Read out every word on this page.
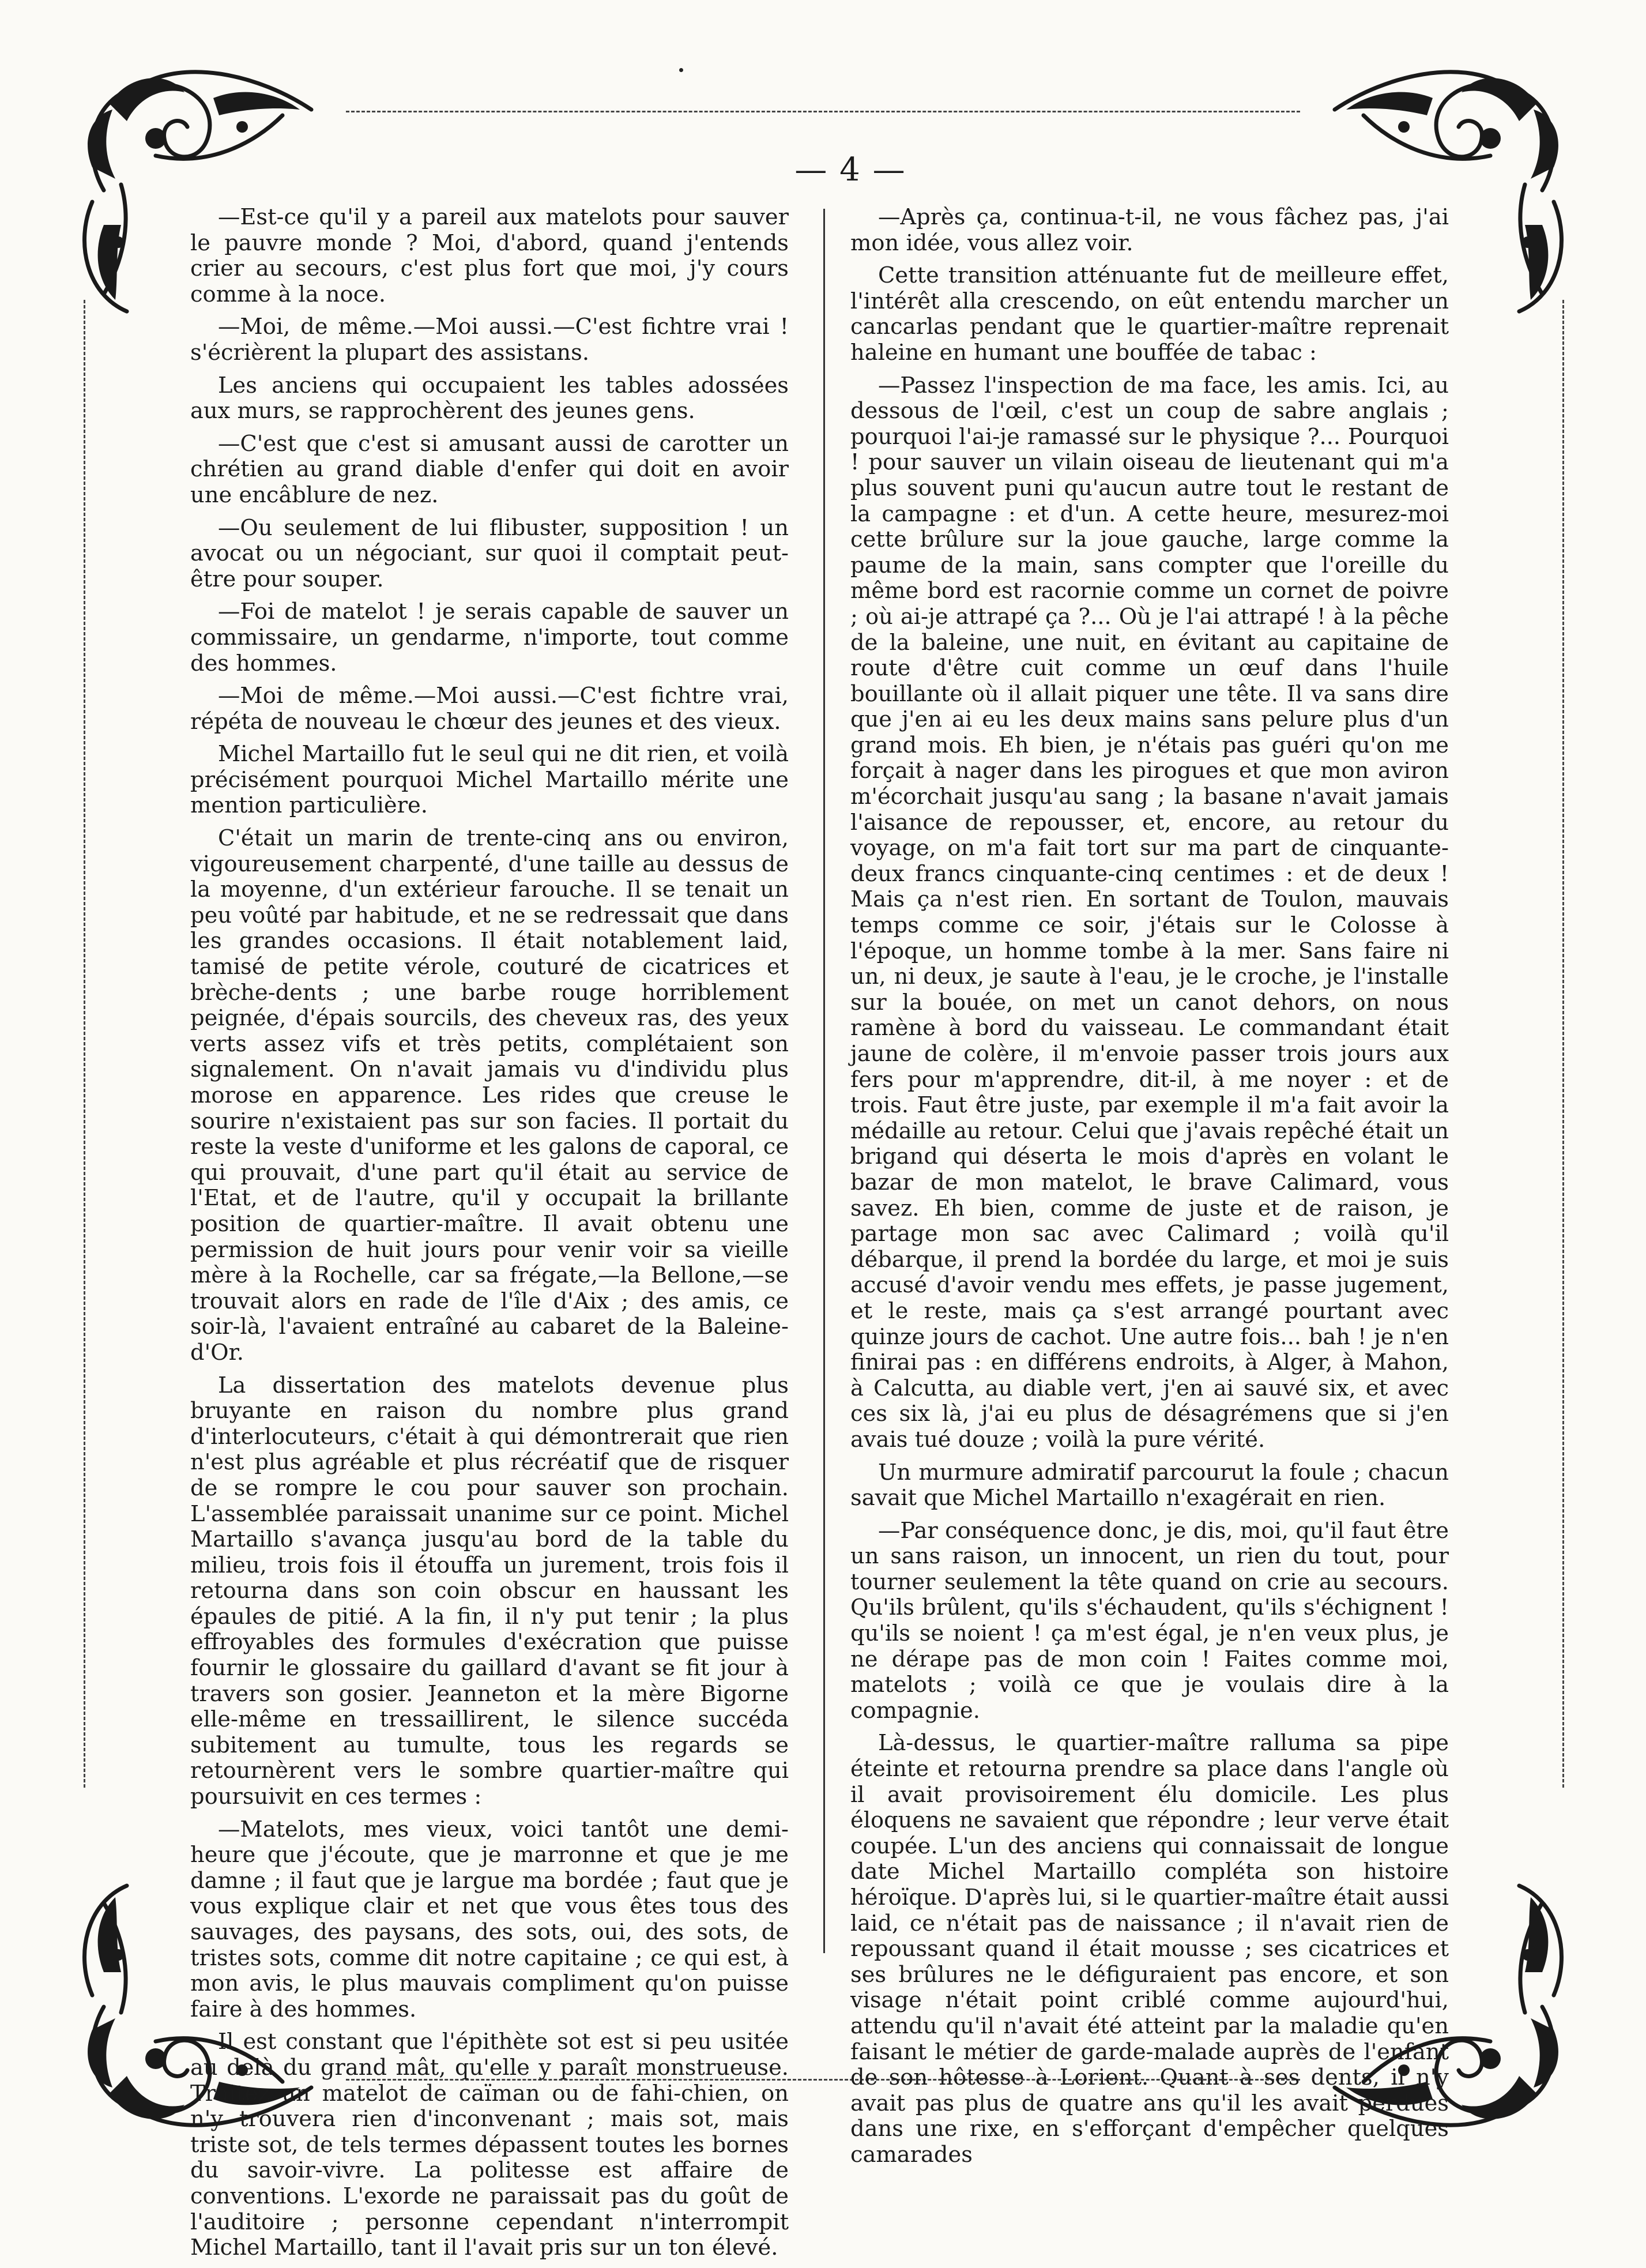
— 4 —

—Est-ce qu'il y a pareil aux matelots pour sauver le pauvre monde ? Moi, d'abord, quand j'entends crier au secours, c'est plus fort que moi, j'y cours comme à la noce.

—Moi, de même.—Moi aussi.—C'est fichtre vrai ! s'écrièrent la plupart des assistans.

Les anciens qui occupaient les tables adossées aux murs, se rapprochèrent des jeunes gens.

—C'est que c'est si amusant aussi de carotter un chrétien au grand diable d'enfer qui doit en avoir une encâblure de nez.

—Ou seulement de lui flibuster, supposition ! un avocat ou un négociant, sur quoi il comptait peut-être pour souper.

—Foi de matelot ! je serais capable de sauver un commissaire, un gendarme, n'importe, tout comme des hommes.

—Moi de même.—Moi aussi.—C'est fichtre vrai, répéta de nouveau le chœur des jeunes et des vieux.

Michel Martaillo fut le seul qui ne dit rien, et voilà précisément pourquoi Michel Martaillo mérite une mention particulière.

C'était un marin de trente-cinq ans ou environ, vigoureusement charpenté, d'une taille au dessus de la moyenne, d'un extérieur farouche. Il se tenait un peu voûté par habitude, et ne se redressait que dans les grandes occasions. Il était notablement laid, tamisé de petite vérole, couturé de cicatrices et brèche-dents ; une barbe rouge horriblement peignée, d'épais sourcils, des cheveux ras, des yeux verts assez vifs et très petits, complétaient son signalement. On n'avait jamais vu d'individu plus morose en apparence. Les rides que creuse le sourire n'existaient pas sur son facies. Il portait du reste la veste d'uniforme et les galons de caporal, ce qui prouvait, d'une part qu'il était au service de l'Etat, et de l'autre, qu'il y occupait la brillante position de quartier-maître. Il avait obtenu une permission de huit jours pour venir voir sa vieille mère à la Rochelle, car sa frégate,—la Bellone,—se trouvait alors en rade de l'île d'Aix ; des amis, ce soir-là, l'avaient entraîné au cabaret de la Baleine-d'Or.

La dissertation des matelots devenue plus bruyante en raison du nombre plus grand d'interlocuteurs, c'était à qui démontrerait que rien n'est plus agréable et plus récréatif que de risquer de se rompre le cou pour sauver son prochain. L'assemblée paraissait unanime sur ce point. Michel Martaillo s'avança jusqu'au bord de la table du milieu, trois fois il étouffa un jurement, trois fois il retourna dans son coin obscur en haussant les épaules de pitié. A la fin, il n'y put tenir ; la plus effroyables des formules d'exécration que puisse fournir le glossaire du gaillard d'avant se fit jour à travers son gosier. Jeanneton et la mère Bigorne elle-même en tressaillirent, le silence succéda subitement au tumulte, tous les regards se retournèrent vers le sombre quartier-maître qui poursuivit en ces termes :

—Matelots, mes vieux, voici tantôt une demi-heure que j'écoute, que je marronne et que je me damne ; il faut que je largue ma bordée ; faut que je vous explique clair et net que vous êtes tous des sauvages, des paysans, des sots, oui, des sots, de tristes sots, comme dit notre capitaine ; ce qui est, à mon avis, le plus mauvais compliment qu'on puisse faire à des hommes.

Il est constant que l'épithète sot est si peu usitée au delà du grand mât, qu'elle y paraît monstrueuse. Traitez un matelot de caïman ou de fahi-chien, on n'y trouvera rien d'inconvenant ; mais sot, mais triste sot, de tels termes dépassent toutes les bornes du savoir-vivre. La politesse est affaire de conventions. L'exorde ne paraissait pas du goût de l'auditoire ; personne cependant n'interrompit Michel Martaillo, tant il l'avait pris sur un ton élevé.

—Après ça, continua-t-il, ne vous fâchez pas, j'ai mon idée, vous allez voir.

Cette transition atténuante fut de meilleure effet, l'intérêt alla crescendo, on eût entendu marcher un cancarlas pendant que le quartier-maître reprenait haleine en humant une bouffée de tabac :

—Passez l'inspection de ma face, les amis. Ici, au dessous de l'œil, c'est un coup de sabre anglais ; pourquoi l'ai-je ramassé sur le physique ?... Pourquoi ! pour sauver un vilain oiseau de lieutenant qui m'a plus souvent puni qu'aucun autre tout le restant de la campagne : et d'un. A cette heure, mesurez-moi cette brûlure sur la joue gauche, large comme la paume de la main, sans compter que l'oreille du même bord est racornie comme un cornet de poivre ; où ai-je attrapé ça ?... Où je l'ai attrapé ! à la pêche de la baleine, une nuit, en évitant au capitaine de route d'être cuit comme un œuf dans l'huile bouillante où il allait piquer une tête. Il va sans dire que j'en ai eu les deux mains sans pelure plus d'un grand mois. Eh bien, je n'étais pas guéri qu'on me forçait à nager dans les pirogues et que mon aviron m'écorchait jusqu'au sang ; la basane n'avait jamais l'aisance de repousser, et, encore, au retour du voyage, on m'a fait tort sur ma part de cinquante-deux francs cinquante-cinq centimes : et de deux ! Mais ça n'est rien. En sortant de Toulon, mauvais temps comme ce soir, j'étais sur le Colosse à l'époque, un homme tombe à la mer. Sans faire ni un, ni deux, je saute à l'eau, je le croche, je l'installe sur la bouée, on met un canot dehors, on nous ramène à bord du vaisseau. Le commandant était jaune de colère, il m'envoie passer trois jours aux fers pour m'apprendre, dit-il, à me noyer : et de trois. Faut être juste, par exemple il m'a fait avoir la médaille au retour. Celui que j'avais repêché était un brigand qui déserta le mois d'après en volant le bazar de mon matelot, le brave Calimard, vous savez. Eh bien, comme de juste et de raison, je partage mon sac avec Calimard ; voilà qu'il débarque, il prend la bordée du large, et moi je suis accusé d'avoir vendu mes effets, je passe jugement, et le reste, mais ça s'est arrangé pourtant avec quinze jours de cachot. Une autre fois... bah ! je n'en finirai pas : en différens endroits, à Alger, à Mahon, à Calcutta, au diable vert, j'en ai sauvé six, et avec ces six là, j'ai eu plus de désagrémens que si j'en avais tué douze ; voilà la pure vérité.

Un murmure admiratif parcourut la foule ; chacun savait que Michel Martaillo n'exagérait en rien.

—Par conséquence donc, je dis, moi, qu'il faut être un sans raison, un innocent, un rien du tout, pour tourner seulement la tête quand on crie au secours. Qu'ils brûlent, qu'ils s'échaudent, qu'ils s'échignent ! qu'ils se noient ! ça m'est égal, je n'en veux plus, je ne dérape pas de mon coin ! Faites comme moi, matelots ; voilà ce que je voulais dire à la compagnie.

Là-dessus, le quartier-maître ralluma sa pipe éteinte et retourna prendre sa place dans l'angle où il avait provisoirement élu domicile. Les plus éloquens ne savaient que répondre ; leur verve était coupée. L'un des anciens qui connaissait de longue date Michel Martaillo compléta son histoire héroïque. D'après lui, si le quartier-maître était aussi laid, ce n'était pas de naissance ; il n'avait rien de repoussant quand il était mousse ; ses cicatrices et ses brûlures ne le défiguraient pas encore, et son visage n'était point criblé comme aujourd'hui, attendu qu'il n'avait été atteint par la maladie qu'en faisant le métier de garde-malade auprès de l'enfant de son hôtesse à Lorient. Quant à ses dents, il n'y avait pas plus de quatre ans qu'il les avait perdues dans une rixe, en s'efforçant d'empêcher quelques camarades
